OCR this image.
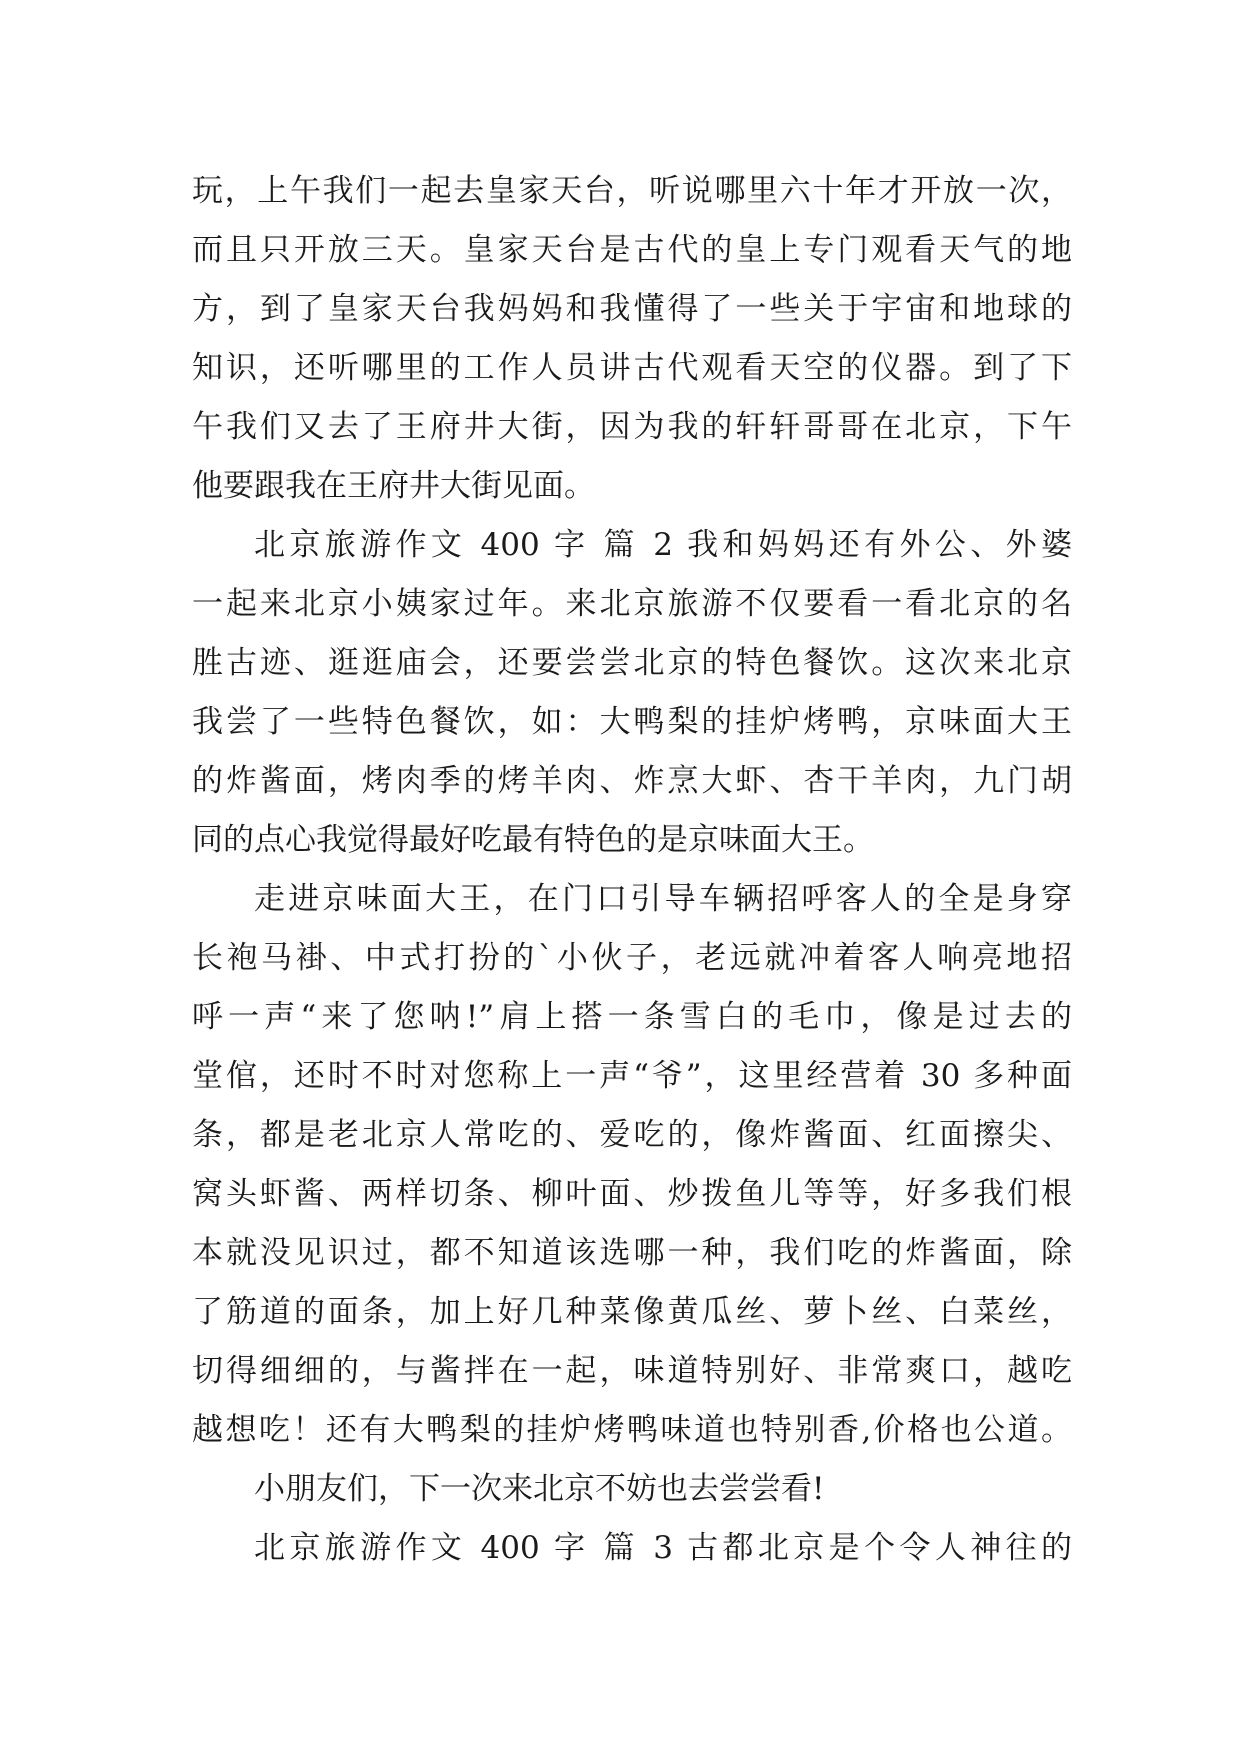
玩，上午我们一起去皇家天台，听说哪里六十年才开放一次，
而且只开放三天。皇家天台是古代的皇上专门观看天气的地
方，到了皇家天台我妈妈和我懂得了一些关于宇宙和地球的
知识，还听哪里的工作人员讲古代观看天空的仪器。到了下
午我们又去了王府井大街，因为我的轩轩哥哥在北京，下午
他要跟我在王府井大街见面。
北京旅游作文 400 字 篇 2 我和妈妈还有外公、外婆
一起来北京小姨家过年。来北京旅游不仅要看一看北京的名
胜古迹、逛逛庙会，还要尝尝北京的特色餐饮。这次来北京
我尝了一些特色餐饮，如：大鸭梨的挂炉烤鸭，京味面大王
的炸酱面，烤肉季的烤羊肉、炸烹大虾、杏干羊肉，九门胡
同的点心我觉得最好吃最有特色的是京味面大王。
走进京味面大王，在门口引导车辆招呼客人的全是身穿
长袍马褂、中式打扮的`小伙子，老远就冲着客人响亮地招
呼一声“来了您呐!”肩上搭一条雪白的毛巾，像是过去的
堂倌，还时不时对您称上一声“爷”，这里经营着 30 多种面
条，都是老北京人常吃的、爱吃的，像炸酱面、红面擦尖、
窝头虾酱、两样切条、柳叶面、炒拨鱼儿等等，好多我们根
本就没见识过，都不知道该选哪一种，我们吃的炸酱面，除
了筋道的面条，加上好几种菜像黄瓜丝、萝卜丝、白菜丝，
切得细细的，与酱拌在一起，味道特别好、非常爽口，越吃
越想吃！还有大鸭梨的挂炉烤鸭味道也特别香,价格也公道。
小朋友们，下一次来北京不妨也去尝尝看!
北京旅游作文 400 字 篇 3 古都北京是个令人神往的
